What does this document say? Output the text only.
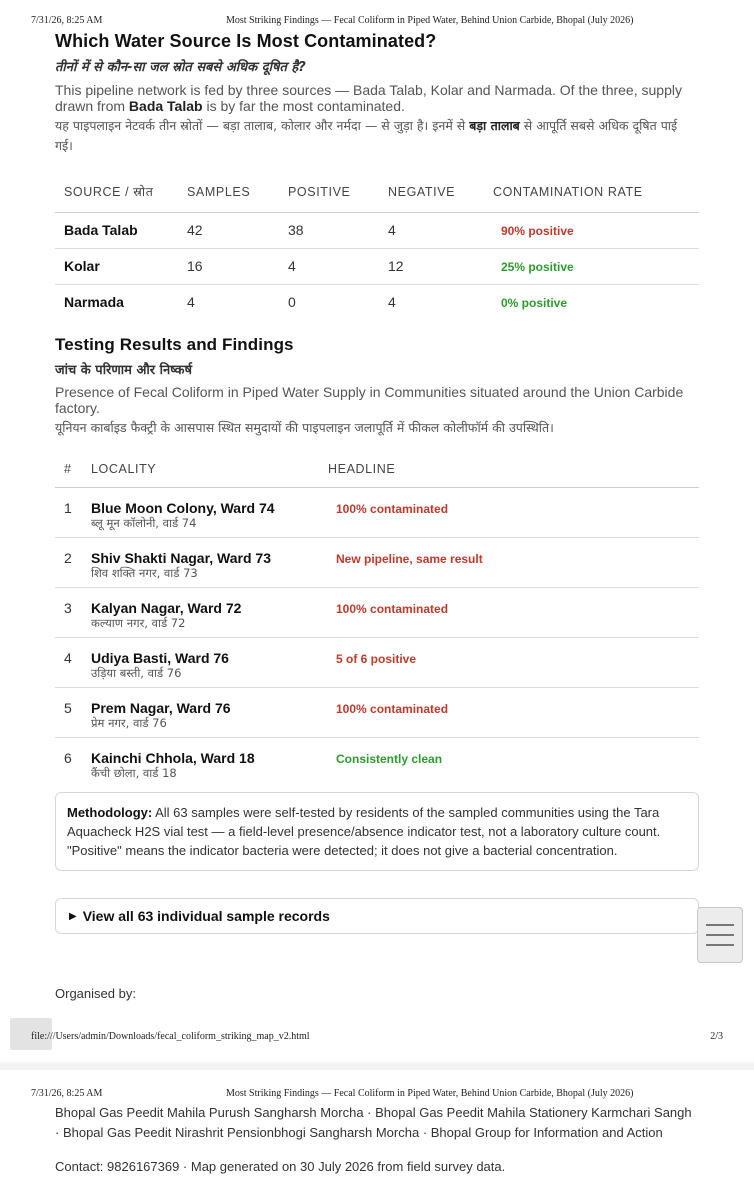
7/31/26, 8:25 AM	Most Striking Findings — Fecal Coliform in Piped Water, Behind Union Carbide, Bhopal (July 2026)
Which Water Source Is Most Contaminated?
तीनों में से कौन-सा जल स्रोत सबसे अधिक दूषित है?

This pipeline network is fed by three sources — Bada Talab, Kolar and Narmada. Of the three, supply drawn from Bada Talab is by far the most contaminated.

यह पाइपलाइन नेटवर्क तीन स्रोतों — बड़ा तालाब, कोलार और नर्मदा — से जुड़ा है। इनमें से बड़ा तालाब से आपूर्ति सबसे अधिक दूषित पाई गई।

SOURCE / स्रोत	SAMPLES	POSITIVE	NEGATIVE	CONTAMINATION RATE
Bada Talab	42	38	4	90% positive
Kolar	16	4	12	25% positive
Narmada	4	0	4	0% positive
Testing Results and Findings
जांच के परिणाम और निष्कर्ष

Presence of Fecal Coliform in Piped Water Supply in Communities situated around the Union Carbide factory.

यूनियन कार्बाइड फैक्ट्री के आसपास स्थित समुदायों की पाइपलाइन जलापूर्ति में फीकल कोलीफॉर्म की उपस्थिति।

#	LOCALITY	HEADLINE
1	Blue Moon Colony, Ward 74
ब्लू मून कॉलोनी, वार्ड 74	100% contaminated

2	Shiv Shakti Nagar, Ward 73
शिव शक्ति नगर, वार्ड 73	New pipeline, same result

3	Kalyan Nagar, Ward 72
कल्याण नगर, वार्ड 72	100% contaminated

4	Udiya Basti, Ward 76
उड़िया बस्ती, वार्ड 76	5 of 6 positive

5	Prem Nagar, Ward 76
प्रेम नगर, वार्ड 76	100% contaminated

6	Kainchi Chhola, Ward 18
कैंची छोला, वार्ड 18	Consistently clean
Methodology: All 63 samples were self-tested by residents of the sampled communities using the Tara Aquacheck H2S vial test — a field-level presence/absence indicator test, not a laboratory culture count. "Positive" means the indicator bacteria were detected; it does not give a bacterial concentration.
▶ View all 63 individual sample records
Organised by:
file:///Users/admin/Downloads/fecal_coliform_striking_map_v2.html	2/3
7/31/26, 8:25 AM	Most Striking Findings — Fecal Coliform in Piped Water, Behind Union Carbide, Bhopal (July 2026)

Bhopal Gas Peedit Mahila Purush Sangharsh Morcha · Bhopal Gas Peedit Mahila Stationery Karmchari Sangh · Bhopal Gas Peedit Nirashrit Pensionbhogi Sangharsh Morcha · Bhopal Group for Information and Action

Contact: 9826167369 · Map generated on 30 July 2026 from field survey data.
